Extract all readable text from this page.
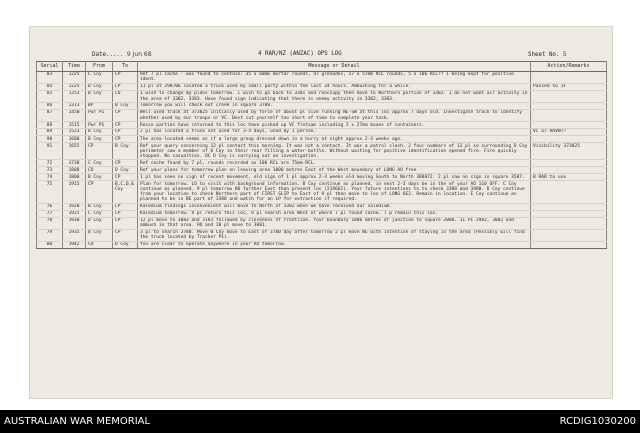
Date..... 9 Jun 68	4 RAR/NZ (ANZAC) OPS LOG	Sheet No. 5
Serial	Time	From	To	Message or Detail	Action/Remarks
83	1225	C Coy	CP	Ref 7 pl cache - was found to contain: 35 x 60mm mortar rounds, 47 grenades, 57 x 57mm RCL rounds, 5 x 106 RCL?? 1 being kept for positive ident.	
84	1225	D Coy	CP	11 pl at 298706 located a truck used by small party within the last 24 hours. Ambushing for a while.	Passed to 1F
85	1253	B Coy	CO	I wish to change my plans tomorrow. I wish to go back to 3381 and reoccupy then move to Northern portion of 3382. I do not want air activity in the area of 3382, 3383. Have found sign indicating that there is enemy activity in 3382, 3383.	
86	1313	BP	B Coy	Tomorrow you will check out creek in square 3780.	
87	1450	Pwr P1	CP	Well used track at 373825 initially used by force of about pl size running NE-SW at this loc approx 7 days old. Investigate track to identify whether used by our troops or VC. Best cut yourself too short of time to complete your task.	
88	1515	Pwr P1	CP	Recce parties have returned to this loc have picked up VC flotsam including 2 x 27mm boxes of containers.	
89	1523	B Coy	CP	2 pl has located a truck not used for 3-4 days, used by 1 person.	VC or ARVN??
90	1600	B Coy	CP	The area located seems as if a large group dressed down in a hurry at night approx 2-3 weeks ago.	
91	1655	CP	B Coy	Ref your query concerning 12 pl contact this morning. It was not a contact. It was a patrol clash. 2 four numbers of 12 pl so surrounding D Coy perimeter saw a member of D Coy in their rear filling a water-bottle. Without waiting for positive identification opened fire. Fire quickly stopped. No casualties. OC D Coy is carrying out an investigation.	Visibility 373825
72	1730	C Coy	CP	Ref cache found by 7 pl, rounds recorded as 106 RCL are 75mm RCL.	
73	1800	CO	D Coy	Ref your plans for tomorrow plan on leaving area 1000 metres East of the West boundary of LONG AO free	
74	1808	B Coy	CP	1 pl has seen no sign of recent movement, old sign of 1 pl approx 2-3 weeks old moving South to North 388872. 2 pl saw no sign in square 3587.	B RAR to use
75	1915	CP	B,C,D,& Coy	Plan for tomorrow. LO to visit with background information. B Coy continue as planned, in next 2-3 days be in the of your AO 110 OFF. C Coy continue as planned. 9 pl tomorrow 80 further East than present loc (219662). Your future intentions to to check 3380 and 3480. D Coy continue from your location to check Northern part of FIRST SLIP to East of 9 pl then move to loc of LONG OE2. Remain in location. E Coy continue as planned to be in BE part of 3380 and watch for an LP for extraction if required.	
76	1920	B Coy	CP	Kaledium findings inconvenient will move to North of 3382 when we have received our saledium.	
77	1925	C Coy	CP	Kaledium tomorrow. 9 pl return this loc, 8 pl search area West of where 7 pl found cache. 7 p remain this loc.	
78	1930	D Coy	CP	12 pl move to 3083 and 3183 followed by closeness of frontline. Your boundary 1000 metres of junction to square 2080. 11 PI 2982, 3082 and ambush in that area. HQ and 10 pl move to 3081.	
79	1935	B Coy	CP	3 pl to search 3780. Move W Coy move to East of 3780 day after tomorrow 2 pl move NE with intention of staying in the area (Possibly will find the truck located by Tracker P1).	
80	1942	CO	D Coy	You are clear to operate anywhere in your AO tomorrow.	
AUSTRALIAN WAR MEMORIAL	RCDIG1030200
